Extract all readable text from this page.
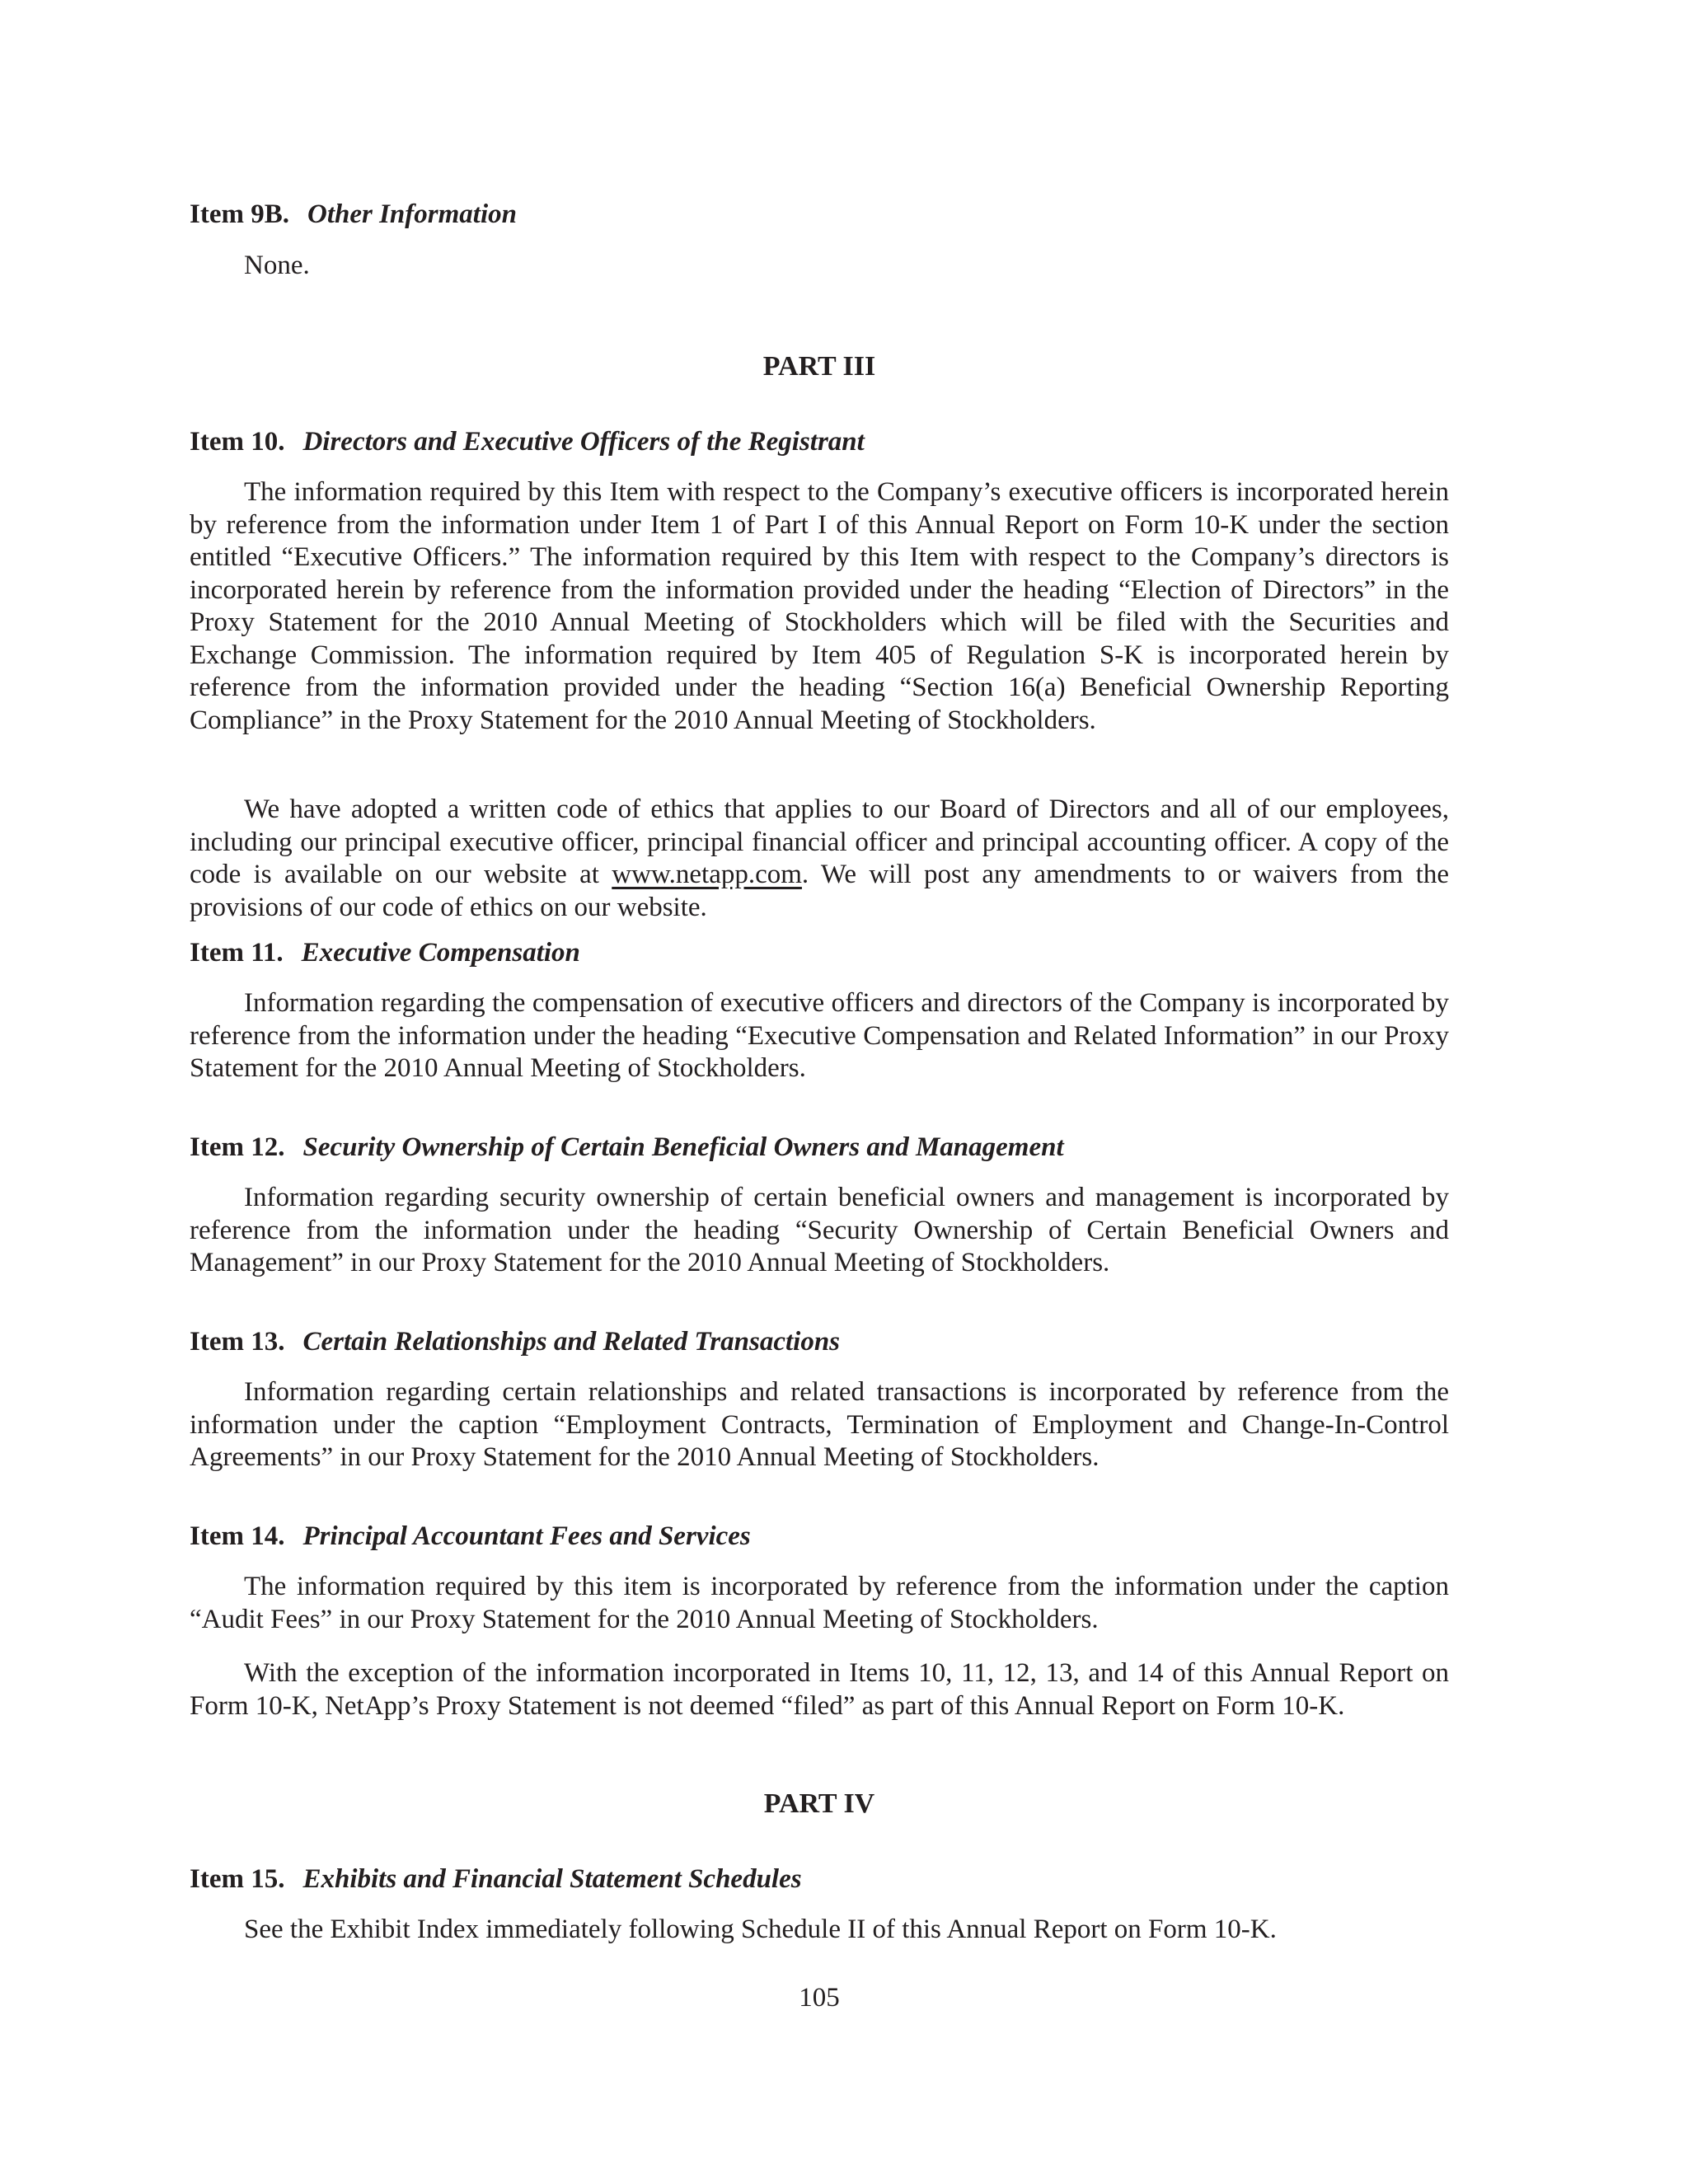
Item 9B. Other Information

None.

PART III
Item 10. Directors and Executive Officers of the Registrant

The information required by this Item with respect to the Company’s executive officers is incorporated herein by reference from the information under Item 1 of Part I of this Annual Report on Form 10-K under the section entitled “Executive Officers.” The information required by this Item with respect to the Company’s directors is incorporated herein by reference from the information provided under the heading “Election of Directors” in the Proxy Statement for the 2010 Annual Meeting of Stockholders which will be filed with the Securities and Exchange Commission. The information required by Item 405 of Regulation S-K is incorporated herein by reference from the information provided under the heading “Section 16(a) Beneficial Ownership Reporting Compliance” in the Proxy Statement for the 2010 Annual Meeting of Stockholders.

We have adopted a written code of ethics that applies to our Board of Directors and all of our employees, including our principal executive officer, principal financial officer and principal accounting officer. A copy of the code is available on our website at www.netapp.com. We will post any amendments to or waivers from the provisions of our code of ethics on our website.

Item 11. Executive Compensation

Information regarding the compensation of executive officers and directors of the Company is incorporated by reference from the information under the heading “Executive Compensation and Related Information” in our Proxy Statement for the 2010 Annual Meeting of Stockholders.

Item 12. Security Ownership of Certain Beneficial Owners and Management

Information regarding security ownership of certain beneficial owners and management is incorporated by reference from the information under the heading “Security Ownership of Certain Beneficial Owners and Management” in our Proxy Statement for the 2010 Annual Meeting of Stockholders.

Item 13. Certain Relationships and Related Transactions

Information regarding certain relationships and related transactions is incorporated by reference from the information under the caption “Employment Contracts, Termination of Employment and Change-In-Control Agreements” in our Proxy Statement for the 2010 Annual Meeting of Stockholders.

Item 14. Principal Accountant Fees and Services

The information required by this item is incorporated by reference from the information under the caption “Audit Fees” in our Proxy Statement for the 2010 Annual Meeting of Stockholders.

With the exception of the information incorporated in Items 10, 11, 12, 13, and 14 of this Annual Report on Form 10-K, NetApp’s Proxy Statement is not deemed “filed” as part of this Annual Report on Form 10-K.

PART IV
Item 15. Exhibits and Financial Statement Schedules

See the Exhibit Index immediately following Schedule II of this Annual Report on Form 10-K.

105
